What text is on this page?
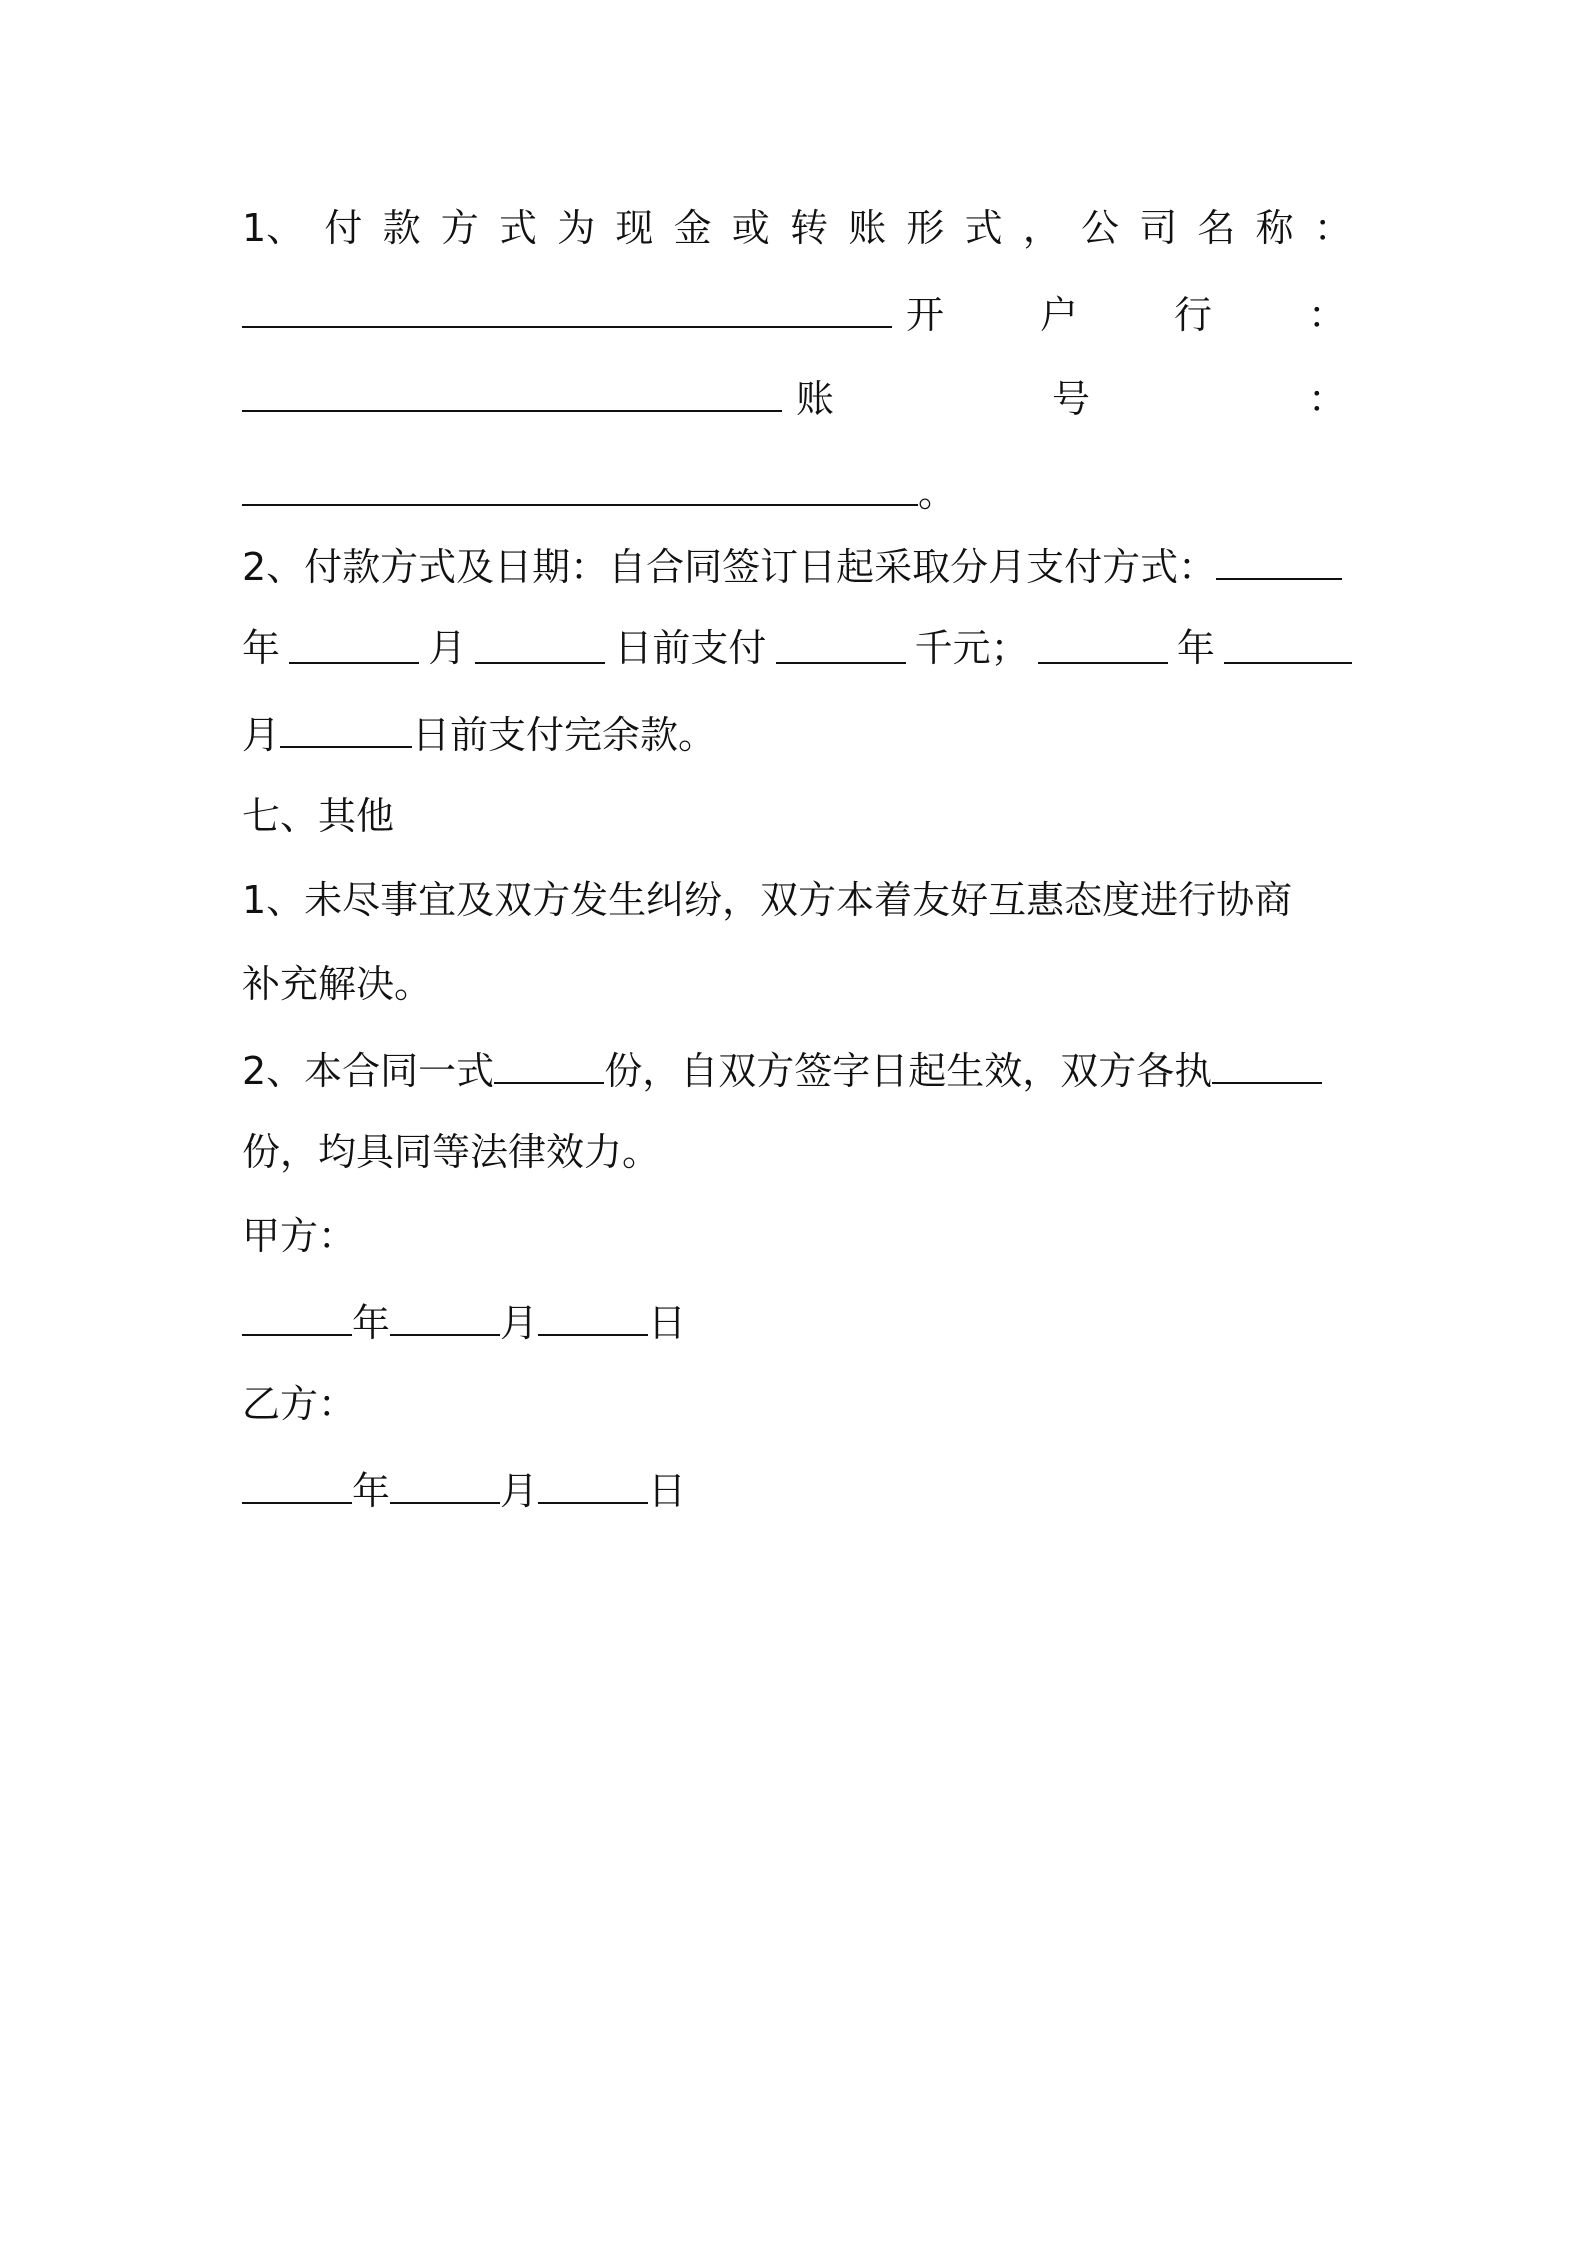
1、 付 款 方 式 为 现 金 或 转 账 形 式 ， 公 司 名 称 ：
开	户	行	：
账	号	：
。
2、付款方式及日期：自合同签订日起采取分月支付方式：
年	月	日前支付	千元；	年
月	日前支付完余款。
七、其他
1、未尽事宜及双方发生纠纷，双方本着友好互惠态度进行协商
补充解决。
2、本合同一式	份，自双方签字日起生效，双方各执
份，均具同等法律效力。
甲方：
年	月	日
乙方：
年	月	日
